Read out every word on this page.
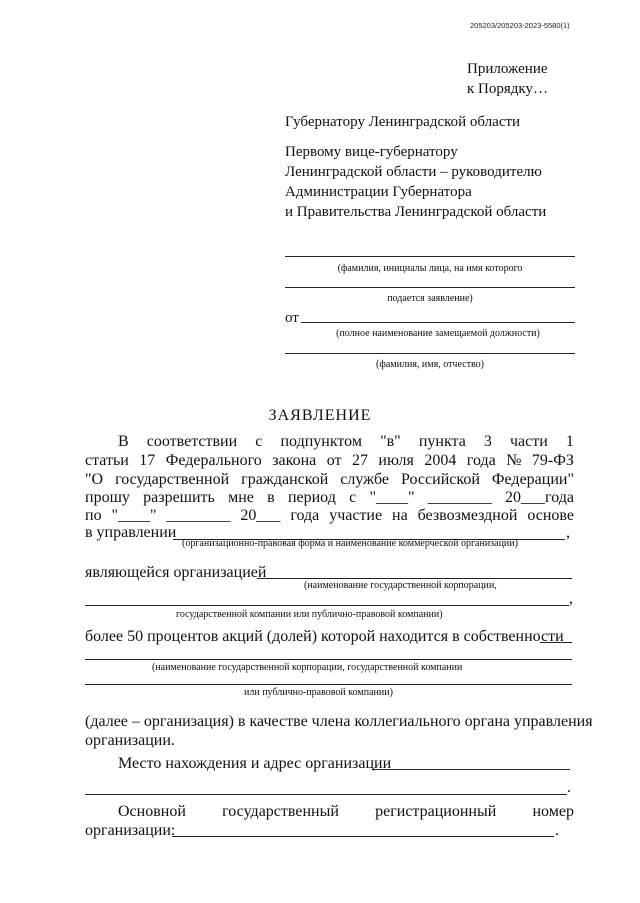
205203/205203-2023-5580(1)
Приложение
к Порядку…
Губернатору Ленинградской области
Первому вице-губернатору
Ленинградской области – руководителю
Администрации Губернатора
и Правительства Ленинградской области
(фамилия, инициалы лица, на имя которого
подается заявление)
от
(полное наименование замещаемой должности)
(фамилия, имя, отчество)
ЗАЯВЛЕНИЕ
В соответствии с подпунктом "в" пункта 3 части 1
статьи 17 Федерального закона от 27 июля 2004 года № 79-ФЗ
"О государственной гражданской службе Российской Федерации"
прошу разрешить мне в период с "____" ________ 20___года
по "____" ________ 20___ года участие на безвозмездной основе
в управлении	,
(организационно-правовая форма и наименование коммерческой организации)
являющейся организацией
(наименование государственной корпорации,
,
государственной компании или публично-правовой компании)
более 50 процентов акций (долей) которой находится в собственности
(наименование государственной корпорации, государственной компании
или публично-правовой компании)
(далее – организация) в качестве члена коллегиального органа управления
организации.
Место нахождения и адрес организации
.
Основной государственный регистрационный номер
организации:	.
